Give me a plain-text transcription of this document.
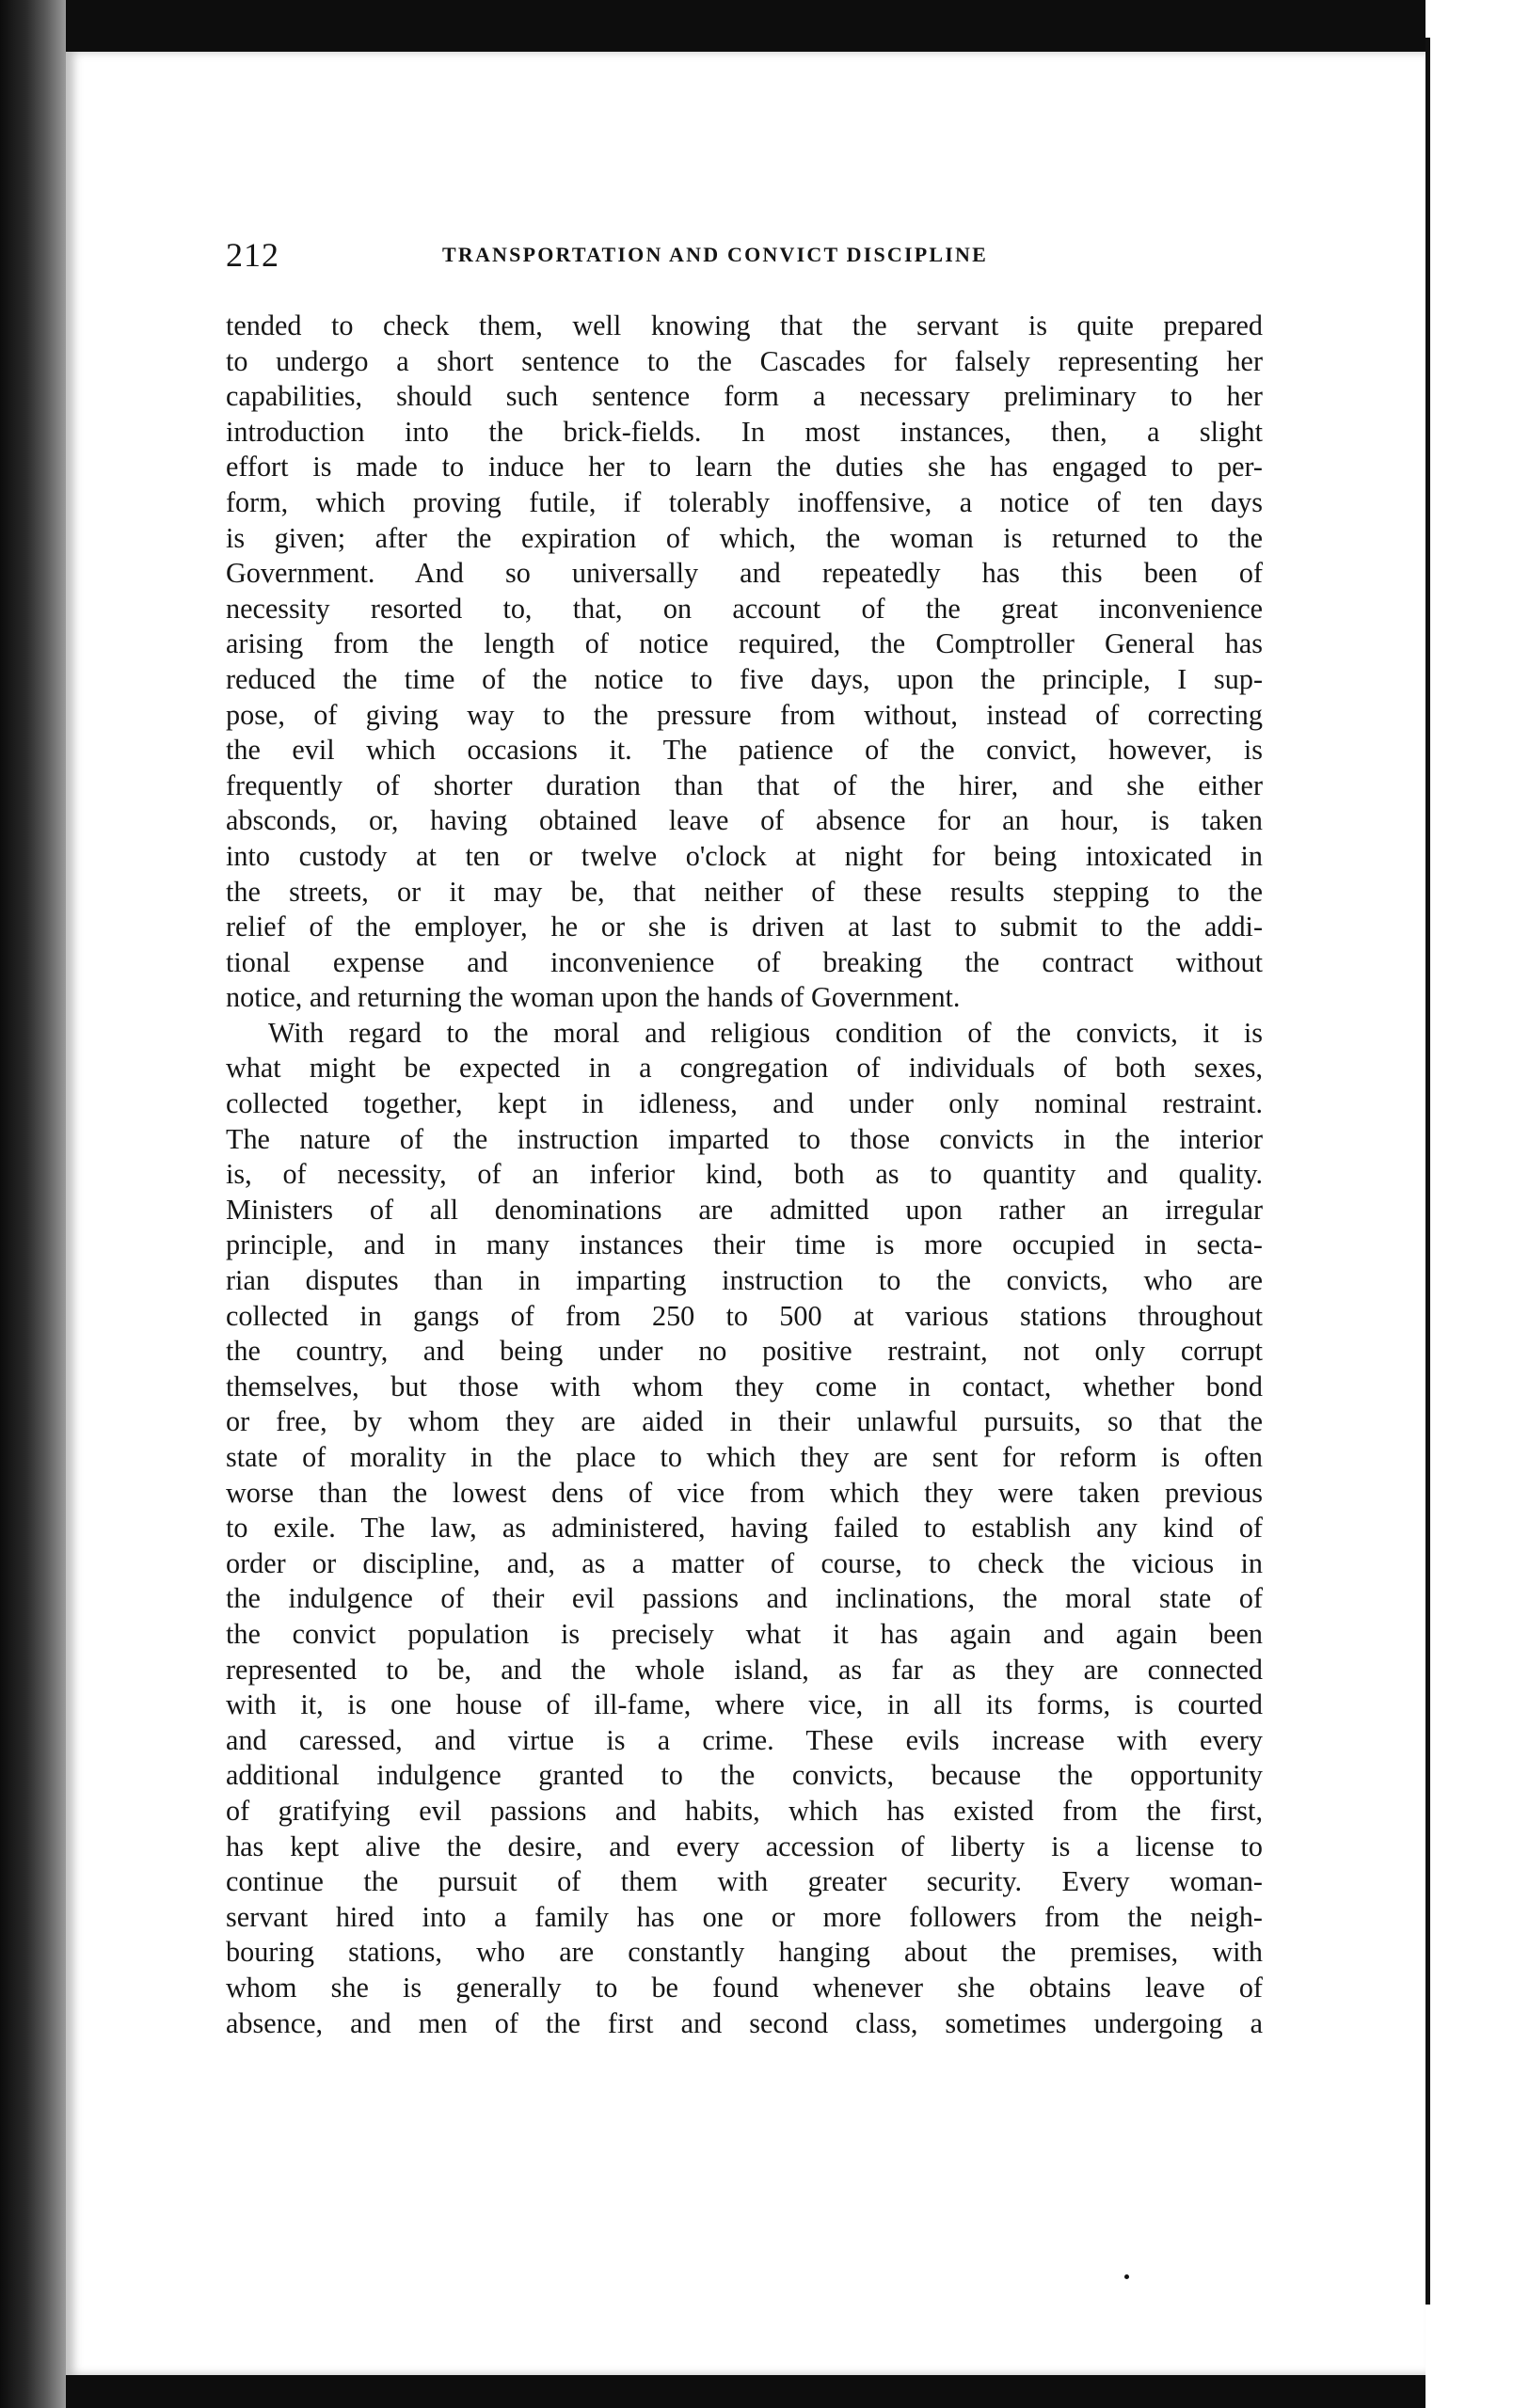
212	TRANSPORTATION AND CONVICT DISCIPLINE
tended to check them, well knowing that the servant is quite prepared
to undergo a short sentence to the Cascades for falsely representing her
capabilities, should such sentence form a necessary preliminary to her
introduction into the brick-fields. In most instances, then, a slight
effort is made to induce her to learn the duties she has engaged to per-
form, which proving futile, if tolerably inoffensive, a notice of ten days
is given; after the expiration of which, the woman is returned to the
Government. And so universally and repeatedly has this been of
necessity resorted to, that, on account of the great inconvenience
arising from the length of notice required, the Comptroller General has
reduced the time of the notice to five days, upon the principle, I sup-
pose, of giving way to the pressure from without, instead of correcting
the evil which occasions it. The patience of the convict, however, is
frequently of shorter duration than that of the hirer, and she either
absconds, or, having obtained leave of absence for an hour, is taken
into custody at ten or twelve o'clock at night for being intoxicated in
the streets, or it may be, that neither of these results stepping to the
relief of the employer, he or she is driven at last to submit to the addi-
tional expense and inconvenience of breaking the contract without
notice, and returning the woman upon the hands of Government.
With regard to the moral and religious condition of the convicts, it is
what might be expected in a congregation of individuals of both sexes,
collected together, kept in idleness, and under only nominal restraint.
The nature of the instruction imparted to those convicts in the interior
is, of necessity, of an inferior kind, both as to quantity and quality.
Ministers of all denominations are admitted upon rather an irregular
principle, and in many instances their time is more occupied in secta-
rian disputes than in imparting instruction to the convicts, who are
collected in gangs of from 250 to 500 at various stations throughout
the country, and being under no positive restraint, not only corrupt
themselves, but those with whom they come in contact, whether bond
or free, by whom they are aided in their unlawful pursuits, so that the
state of morality in the place to which they are sent for reform is often
worse than the lowest dens of vice from which they were taken previous
to exile. The law, as administered, having failed to establish any kind of
order or discipline, and, as a matter of course, to check the vicious in
the indulgence of their evil passions and inclinations, the moral state of
the convict population is precisely what it has again and again been
represented to be, and the whole island, as far as they are connected
with it, is one house of ill-fame, where vice, in all its forms, is courted
and caressed, and virtue is a crime. These evils increase with every
additional indulgence granted to the convicts, because the opportunity
of gratifying evil passions and habits, which has existed from the first,
has kept alive the desire, and every accession of liberty is a license to
continue the pursuit of them with greater security. Every woman-
servant hired into a family has one or more followers from the neigh-
bouring stations, who are constantly hanging about the premises, with
whom she is generally to be found whenever she obtains leave of
absence, and men of the first and second class, sometimes undergoing a
